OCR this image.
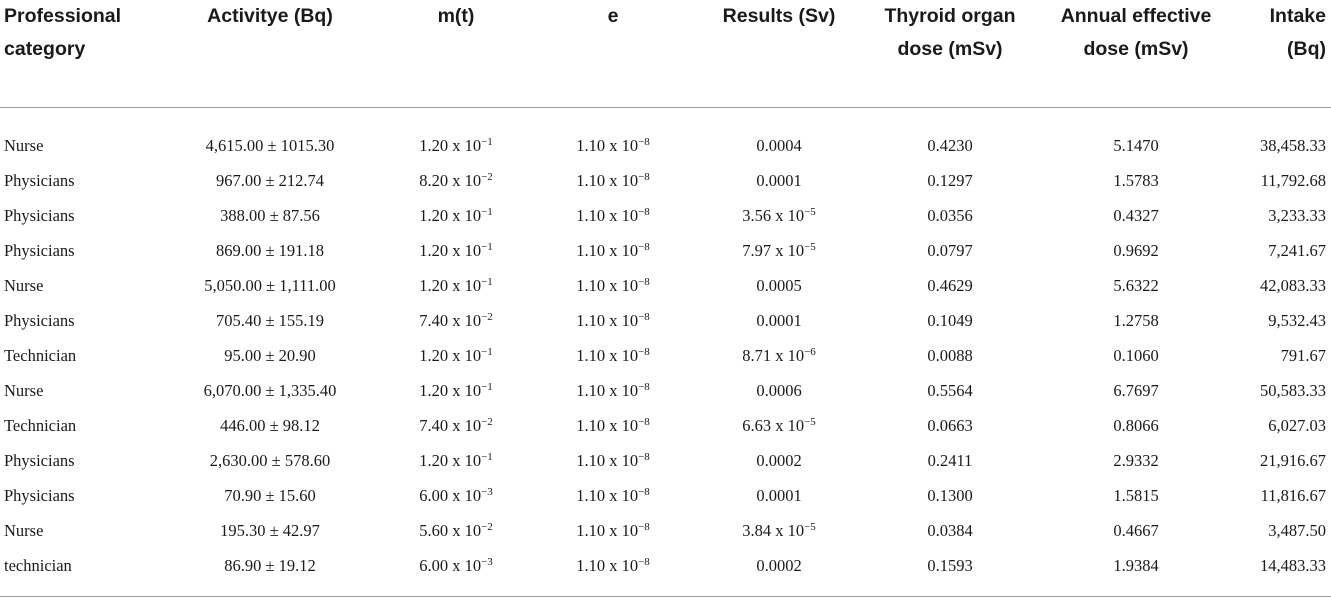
Professional category	Activitye (Bq)	m(t)	e	Results (Sv)	Thyroid organ dose (mSv)	Annual effective dose (mSv)	Intake (Bq)
Nurse	4,615.00 ± 1015.30	1.20 x $10^{-1}$	1.10 x $10^{-8}$	0.0004	0.4230	5.1470	38,458.33
Physicians	967.00 ± 212.74	8.20 x $10^{-2}$	1.10 x $10^{-8}$	0.0001	0.1297	1.5783	11,792.68
Physicians	388.00 ± 87.56	1.20 x $10^{-1}$	1.10 x $10^{-8}$	3.56 x $10^{-5}$	0.0356	0.4327	3,233.33
Physicians	869.00 ± 191.18	1.20 x $10^{-1}$	1.10 x $10^{-8}$	7.97 x $10^{-5}$	0.0797	0.9692	7,241.67
Nurse	5,050.00 ± 1,111.00	1.20 x $10^{-1}$	1.10 x $10^{-8}$	0.0005	0.4629	5.6322	42,083.33
Physicians	705.40 ± 155.19	7.40 x $10^{-2}$	1.10 x $10^{-8}$	0.0001	0.1049	1.2758	9,532.43
Technician	95.00 ± 20.90	1.20 x $10^{-1}$	1.10 x $10^{-8}$	8.71 x $10^{-6}$	0.0088	0.1060	791.67
Nurse	6,070.00 ± 1,335.40	1.20 x $10^{-1}$	1.10 x $10^{-8}$	0.0006	0.5564	6.7697	50,583.33
Technician	446.00 ± 98.12	7.40 x $10^{-2}$	1.10 x $10^{-8}$	6.63 x $10^{-5}$	0.0663	0.8066	6,027.03
Physicians	2,630.00 ± 578.60	1.20 x $10^{-1}$	1.10 x $10^{-8}$	0.0002	0.2411	2.9332	21,916.67
Physicians	70.90 ± 15.60	6.00 x $10^{-3}$	1.10 x $10^{-8}$	0.0001	0.1300	1.5815	11,816.67
Nurse	195.30 ± 42.97	5.60 x $10^{-2}$	1.10 x $10^{-8}$	3.84 x $10^{-5}$	0.0384	0.4667	3,487.50
technician	86.90 ± 19.12	6.00 x $10^{-3}$	1.10 x $10^{-8}$	0.0002	0.1593	1.9384	14,483.33
